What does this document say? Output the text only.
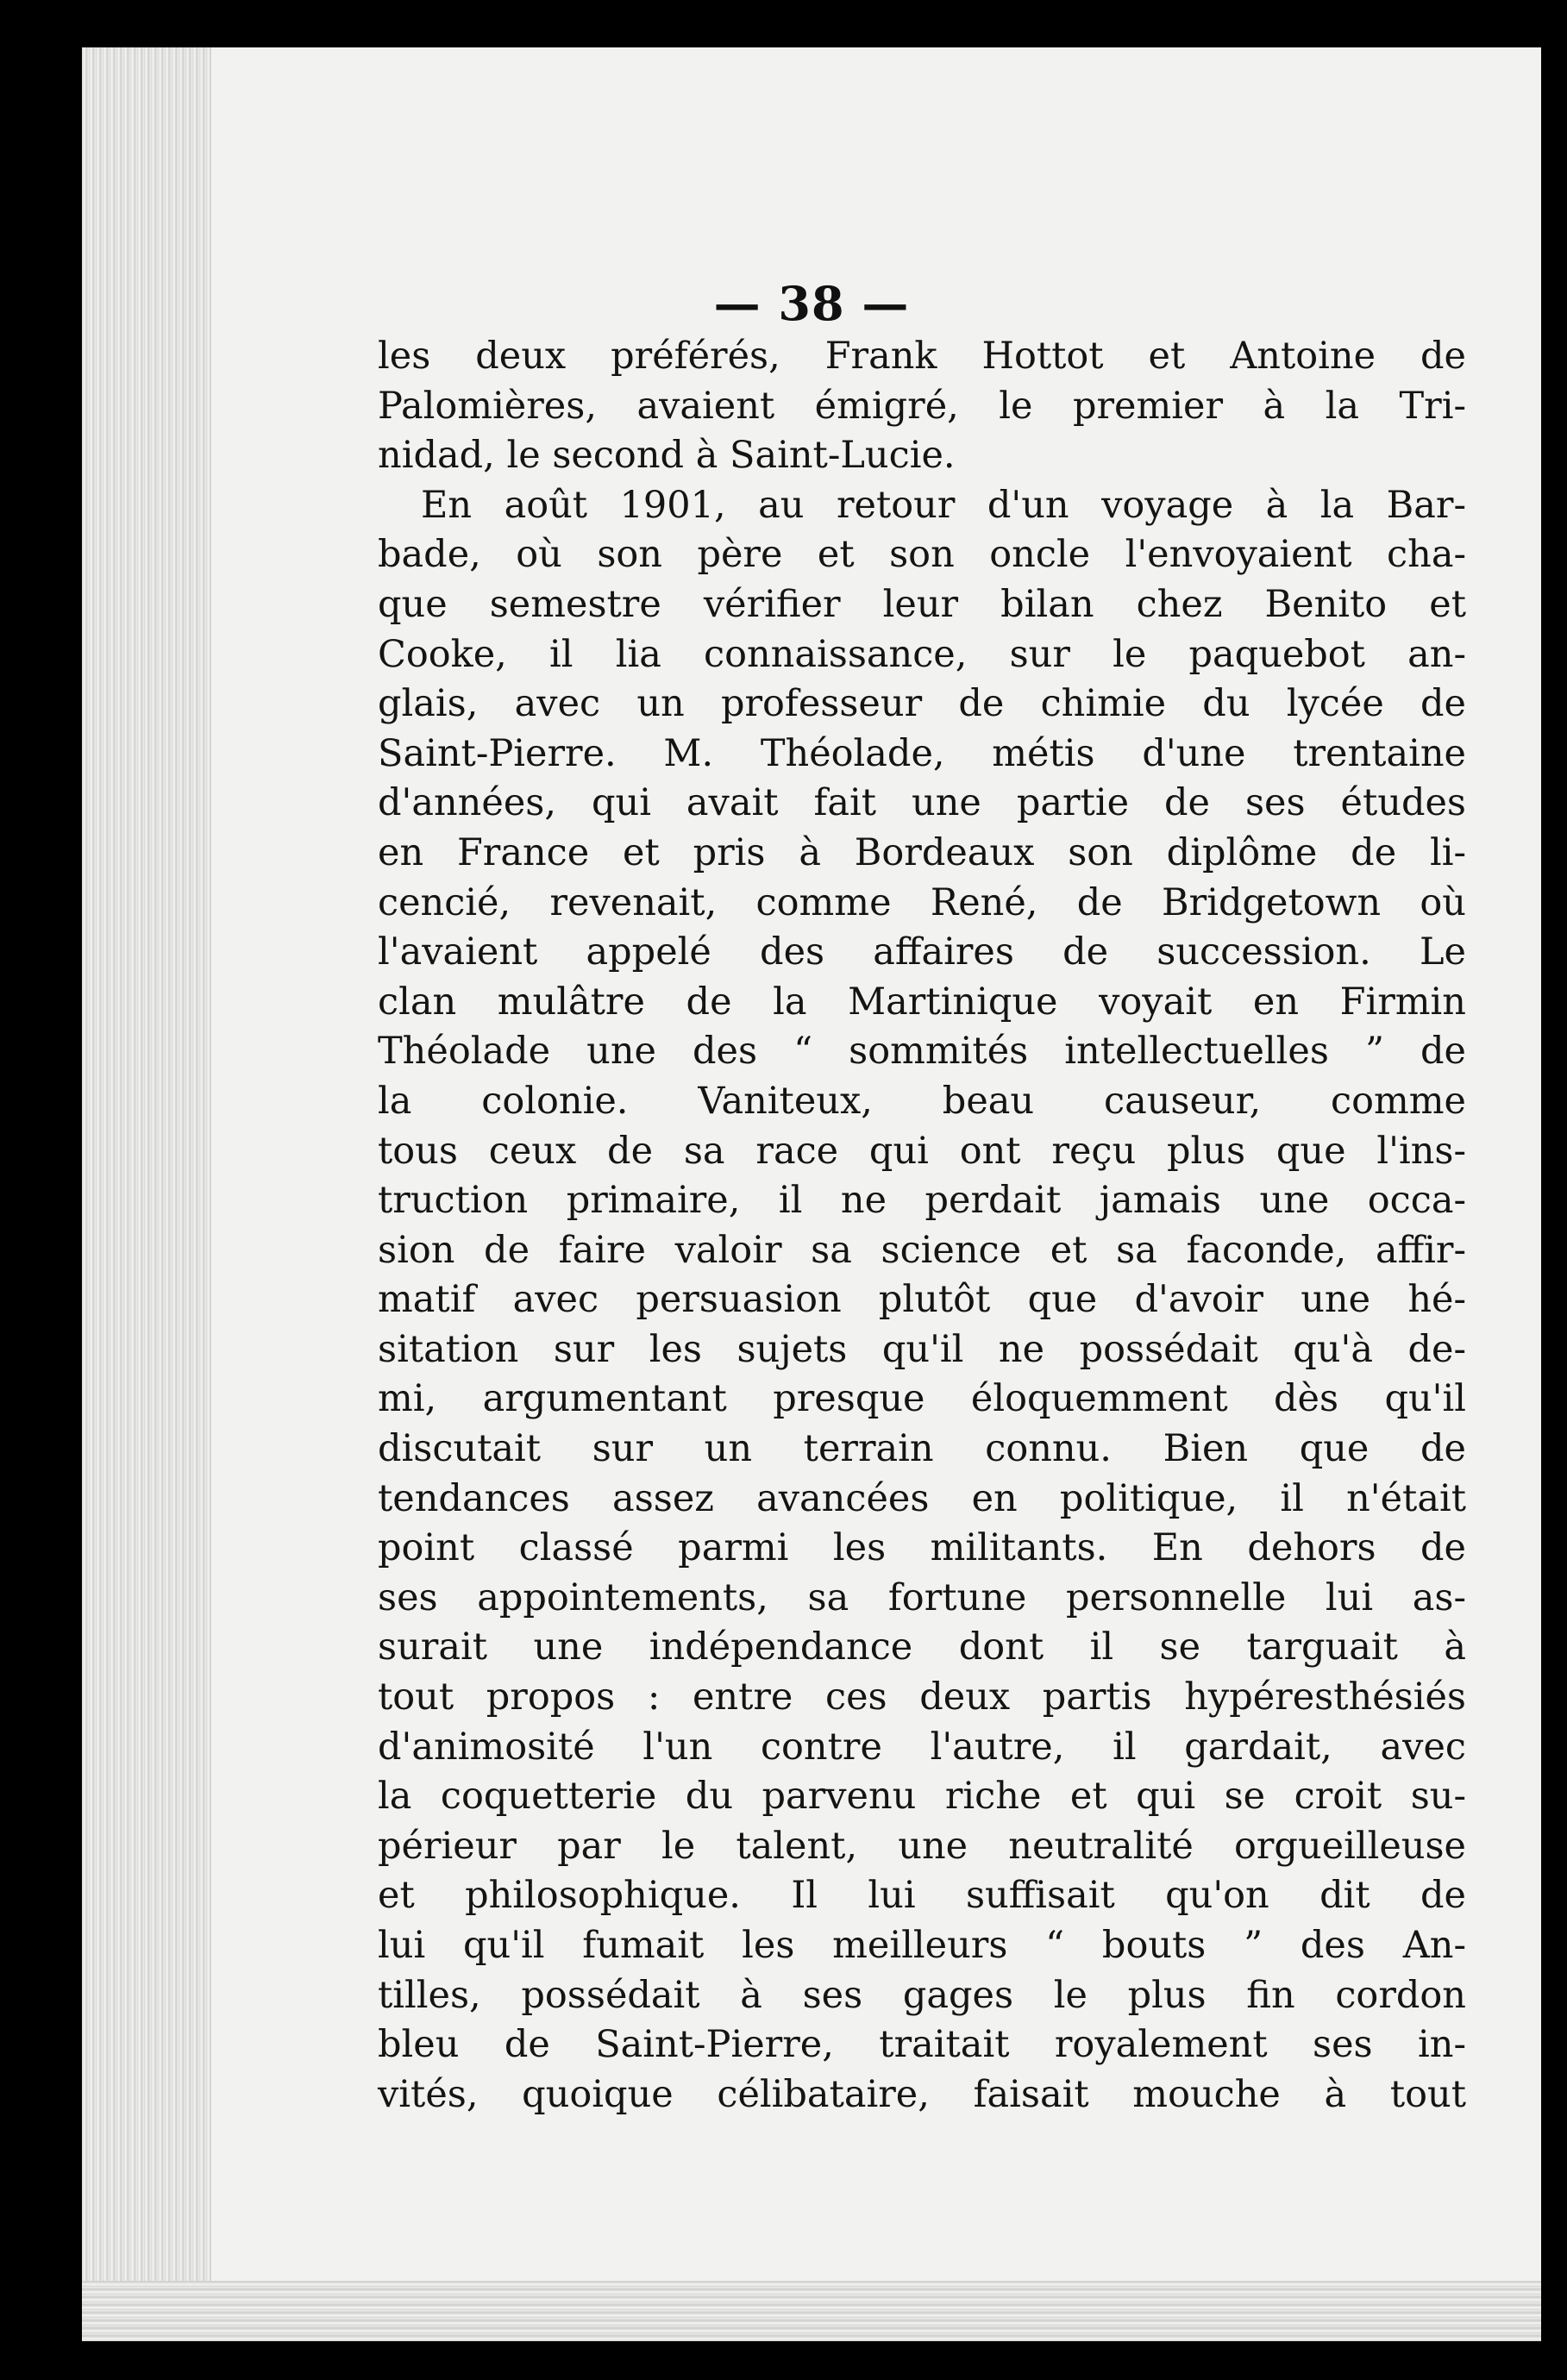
— 38 —
les deux préférés, Frank Hottot et Antoine de
Palomières, avaient émigré, le premier à la Tri-
nidad, le second à Saint-Lucie.
En août 1901, au retour d'un voyage à la Bar-
bade, où son père et son oncle l'envoyaient cha-
que semestre vérifier leur bilan chez Benito et
Cooke, il lia connaissance, sur le paquebot an-
glais, avec un professeur de chimie du lycée de
Saint-Pierre. M. Théolade, métis d'une trentaine
d'années, qui avait fait une partie de ses études
en France et pris à Bordeaux son diplôme de li-
cencié, revenait, comme René, de Bridgetown où
l'avaient appelé des affaires de succession. Le
clan mulâtre de la Martinique voyait en Firmin
Théolade une des “ sommités intellectuelles ” de
la colonie. Vaniteux, beau causeur, comme
tous ceux de sa race qui ont reçu plus que l'ins-
truction primaire, il ne perdait jamais une occa-
sion de faire valoir sa science et sa faconde, affir-
matif avec persuasion plutôt que d'avoir une hé-
sitation sur les sujets qu'il ne possédait qu'à de-
mi, argumentant presque éloquemment dès qu'il
discutait sur un terrain connu. Bien que de
tendances assez avancées en politique, il n'était
point classé parmi les militants. En dehors de
ses appointements, sa fortune personnelle lui as-
surait une indépendance dont il se targuait à
tout propos : entre ces deux partis hypéresthésiés
d'animosité l'un contre l'autre, il gardait, avec
la coquetterie du parvenu riche et qui se croit su-
périeur par le talent, une neutralité orgueilleuse
et philosophique. Il lui suffisait qu'on dit de
lui qu'il fumait les meilleurs “ bouts ” des An-
tilles, possédait à ses gages le plus fin cordon
bleu de Saint-Pierre, traitait royalement ses in-
vités, quoique célibataire, faisait mouche à tout
